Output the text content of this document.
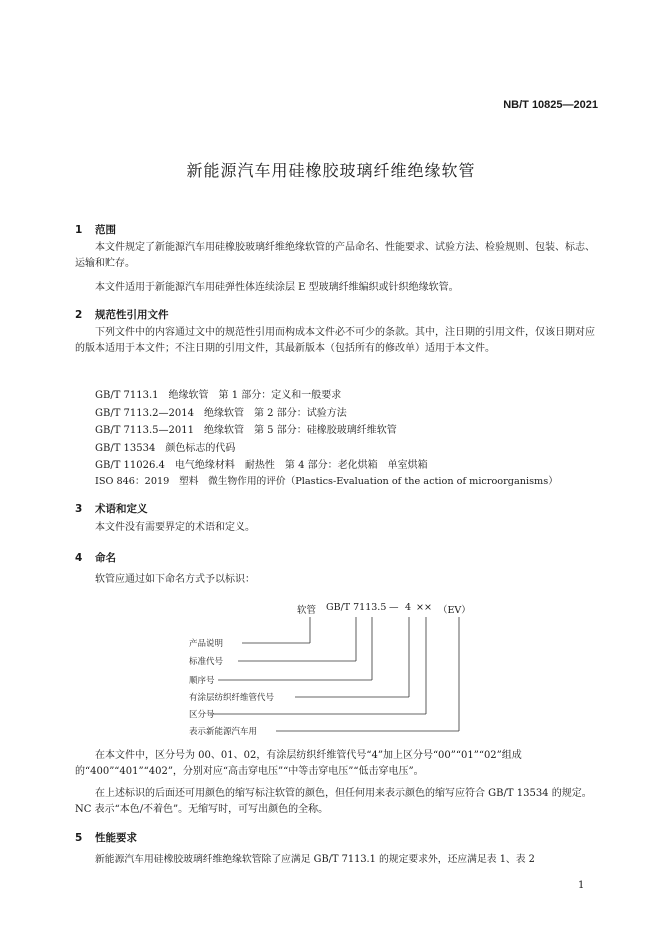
NB/T 10825—2021
新能源汽车用硅橡胶玻璃纤维绝缘软管
1 范围
本文件规定了新能源汽车用硅橡胶玻璃纤维绝缘软管的产品命名、性能要求、试验方法、检验规则、包装、标志、运输和贮存。
本文件适用于新能源汽车用硅弹性体连续涂层 E 型玻璃纤维编织或针织绝缘软管。
2 规范性引用文件
下列文件中的内容通过文中的规范性引用而构成本文件必不可少的条款。其中，注日期的引用文件，仅该日期对应的版本适用于本文件；不注日期的引用文件，其最新版本（包括所有的修改单）适用于本文件。
GB/T 7113.1　绝缘软管　第 1 部分：定义和一般要求
GB/T 7113.2—2014　绝缘软管　第 2 部分：试验方法
GB/T 7113.5—2011　绝缘软管　第 5 部分：硅橡胶玻璃纤维软管
GB/T 13534　颜色标志的代码
GB/T 11026.4　电气绝缘材料　耐热性　第 4 部分：老化烘箱　单室烘箱
ISO 846：2019　塑料　微生物作用的评价（Plastics-Evaluation of the action of microorganisms）
3 术语和定义
本文件没有需要界定的术语和定义。
4 命名
软管应通过如下命名方式予以标识：
软管 GB/T 7113.5 — 4 ×× （EV）
产品说明
标准代号
顺序号
有涂层纺织纤维管代号
区分号
表示新能源汽车用
在本文件中，区分号为 00、01、02，有涂层纺织纤维管代号“4”加上区分号“00”“01”“02”组成的“400”“401”“402”，分别对应“高击穿电压”“中等击穿电压”“低击穿电压”。
在上述标识的后面还可用颜色的缩写标注软管的颜色，但任何用来表示颜色的缩写应符合 GB/T 13534 的规定。NC 表示“本色/不着色”。无缩写时，可写出颜色的全称。
5 性能要求
新能源汽车用硅橡胶玻璃纤维绝缘软管除了应满足 GB/T 7113.1 的规定要求外，还应满足表 1、表 2
1
